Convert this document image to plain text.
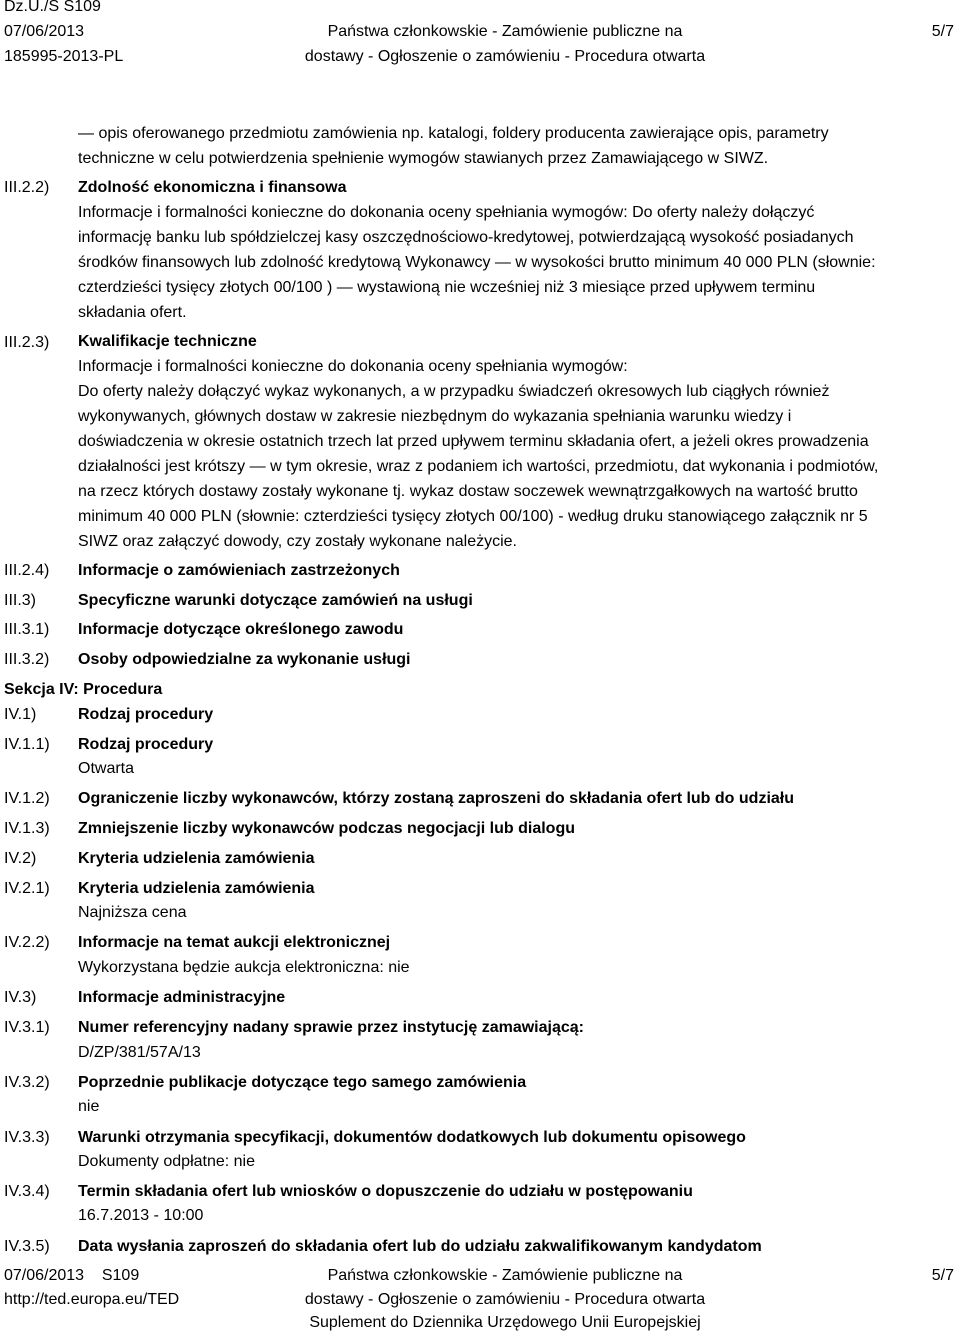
Dz.U./S S109
07/06/2013
185995-2013-PL
Państwa członkowskie - Zamówienie publiczne na
dostawy - Ogłoszenie o zamówieniu - Procedura otwarta
5/7
— opis oferowanego przedmiotu zamówienia np. katalogi, foldery producenta zawierające opis, parametry
techniczne w celu potwierdzenia spełnienie wymogów stawianych przez Zamawiającego w SIWZ.
III.2.2) Zdolność ekonomiczna i finansowa
Informacje i formalności konieczne do dokonania oceny spełniania wymogów: Do oferty należy dołączyć
informację banku lub spółdzielczej kasy oszczędnościowo-kredytowej, potwierdzającą wysokość posiadanych
środków finansowych lub zdolność kredytową Wykonawcy — w wysokości brutto minimum 40 000 PLN (słownie:
czterdzieści tysięcy złotych 00/100 ) — wystawioną nie wcześniej niż 3 miesiące przed upływem terminu
składania ofert.
III.2.3) Kwalifikacje techniczne
Informacje i formalności konieczne do dokonania oceny spełniania wymogów:
Do oferty należy dołączyć wykaz wykonanych, a w przypadku świadczeń okresowych lub ciągłych również
wykonywanych, głównych dostaw w zakresie niezbędnym do wykazania spełniania warunku wiedzy i
doświadczenia w okresie ostatnich trzech lat przed upływem terminu składania ofert, a jeżeli okres prowadzenia
działalności jest krótszy — w tym okresie, wraz z podaniem ich wartości, przedmiotu, dat wykonania i podmiotów,
na rzecz których dostawy zostały wykonane tj. wykaz dostaw soczewek wewnątrzgałkowych na wartość brutto
minimum 40 000 PLN (słownie: czterdzieści tysięcy złotych 00/100) - według druku stanowiącego załącznik nr 5
SIWZ oraz załączyć dowody, czy zostały wykonane należycie.
III.2.4) Informacje o zamówieniach zastrzeżonych
III.3)	Specyficzne warunki dotyczące zamówień na usługi
III.3.1) Informacje dotyczące określonego zawodu
III.3.2) Osoby odpowiedzialne za wykonanie usługi
Sekcja IV: Procedura
IV.1)	Rodzaj procedury
IV.1.1) Rodzaj procedury
Otwarta
IV.1.2) Ograniczenie liczby wykonawców, którzy zostaną zaproszeni do składania ofert lub do udziału
IV.1.3) Zmniejszenie liczby wykonawców podczas negocjacji lub dialogu
IV.2)	Kryteria udzielenia zamówienia
IV.2.1) Kryteria udzielenia zamówienia
Najniższa cena
IV.2.2) Informacje na temat aukcji elektronicznej
Wykorzystana będzie aukcja elektroniczna: nie
IV.3)	Informacje administracyjne
IV.3.1) Numer referencyjny nadany sprawie przez instytucję zamawiającą:
D/ZP/381/57A/13
IV.3.2) Poprzednie publikacje dotyczące tego samego zamówienia
nie
IV.3.3) Warunki otrzymania specyfikacji, dokumentów dodatkowych lub dokumentu opisowego
Dokumenty odpłatne: nie
IV.3.4) Termin składania ofert lub wniosków o dopuszczenie do udziału w postępowaniu
16.7.2013 - 10:00
IV.3.5) Data wysłania zaproszeń do składania ofert lub do udziału zakwalifikowanym kandydatom
07/06/2013    S109
http://ted.europa.eu/TED
Państwa członkowskie - Zamówienie publiczne na
dostawy - Ogłoszenie o zamówieniu - Procedura otwarta
Suplement do Dziennika Urzędowego Unii Europejskiej
5/7
